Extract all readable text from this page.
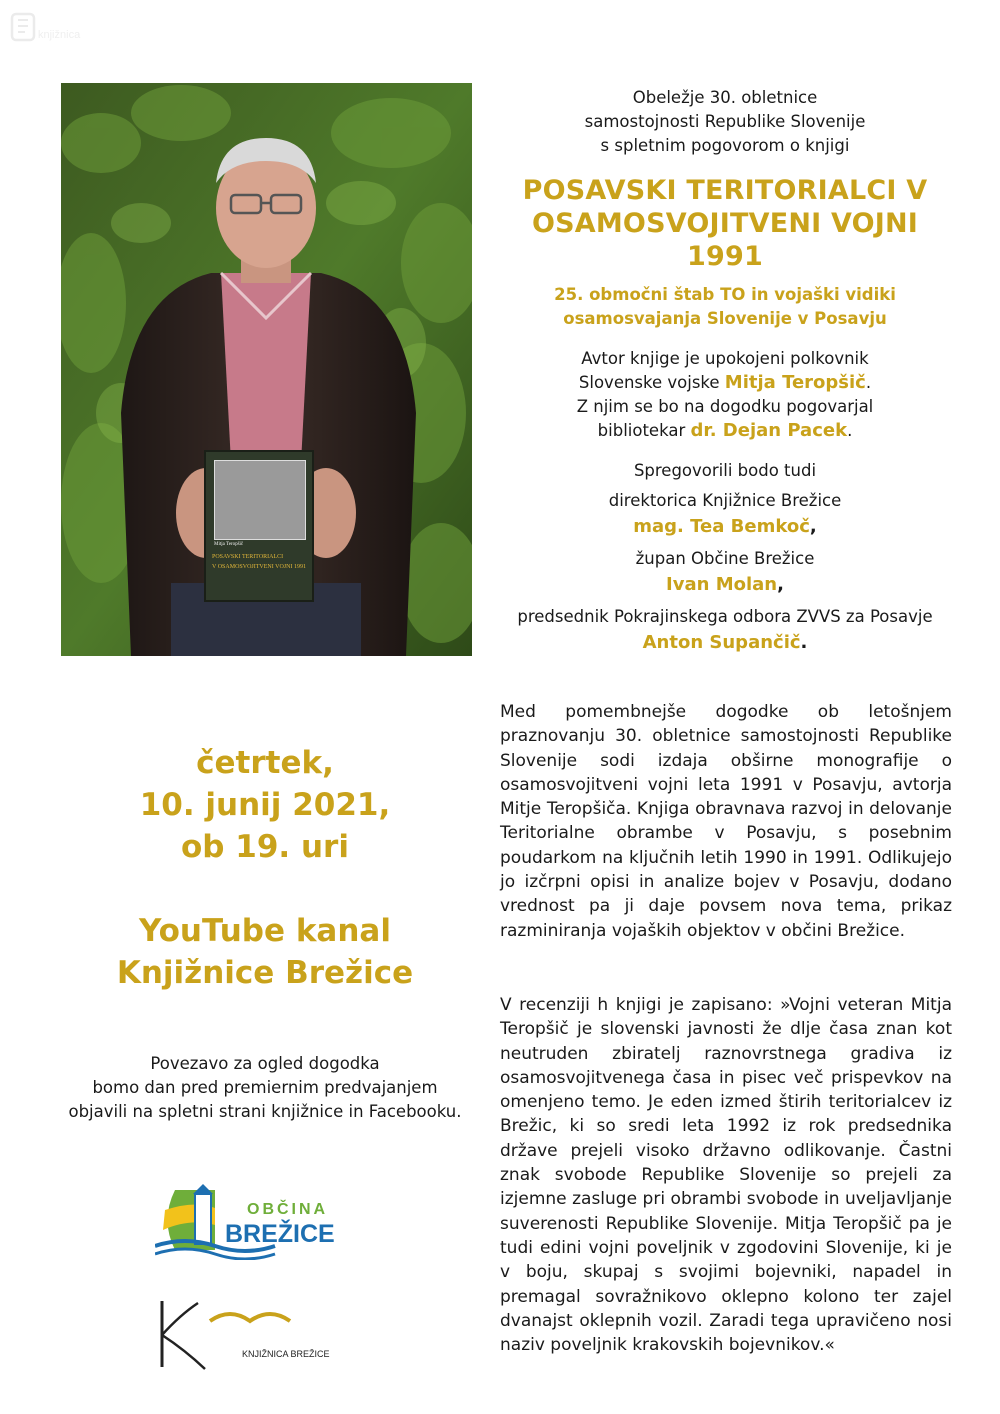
knjižnica
Mitja Teropšič
POSAVSKI TERITORIALCI
V OSAMOSVOJITVENI VOJNI 1991
Obeležje 30. obletnice
samostojnosti Republike Slovenije
s spletnim pogovorom o knjigi
POSAVSKI TERITORIALCI V
OSAMOSVOJITVENI VOJNI 1991
25. območni štab TO in vojaški vidiki
osamosvajanja Slovenije v Posavju
Avtor knjige je upokojeni polkovnik
Slovenske vojske Mitja Teropšič.
Z njim se bo na dogodku pogovarjal
bibliotekar dr. Dejan Pacek.
Spregovorili bodo tudi
direktorica Knjižnice Brežice
mag. Tea Bemkoč,
župan Občine Brežice
Ivan Molan,
predsednik Pokrajinskega odbora ZVVS za Posavje
Anton Supančič.
četrtek,
10. junij 2021,
ob 19. uri
YouTube kanal
Knjižnice Brežice
Povezavo za ogled dogodka
bomo dan pred premiernim predvajanjem
objavili na spletni strani knjižnice in Facebooku.
OBČINA
BREŽICE
KNJIŽNICA BREŽICE
Med pomembnejše dogodke ob letošnjem praznovanju 30. obletnice samostojnosti Republike Slovenije sodi izdaja obširne monografije o osamosvojitveni vojni leta 1991 v Posavju, avtorja Mitje Teropšiča. Knjiga obravnava razvoj in delovanje Teritorialne obrambe v Posavju, s posebnim poudarkom na ključnih letih 1990 in 1991. Odlikujejo jo izčrpni opisi in analize bojev v Posavju, dodano vrednost pa ji daje povsem nova tema, prikaz razminiranja vojaških objektov v občini Brežice.
V recenziji h knjigi je zapisano: »Vojni veteran Mitja Teropšič je slovenski javnosti že dlje časa znan kot neutruden zbiratelj raznovrstnega gradiva iz osamosvojitvenega časa in pisec več prispevkov na omenjeno temo. Je eden izmed štirih teritorialcev iz Brežic, ki so sredi leta 1992 iz rok predsednika države prejeli visoko državno odlikovanje. Častni znak svobode Republike Slovenije so prejeli za izjemne zasluge pri obrambi svobode in uveljavljanje suverenosti Republike Slovenije. Mitja Teropšič pa je tudi edini vojni poveljnik v zgodovini Slovenije, ki je v boju, skupaj s svojimi bojevniki, napadel in premagal sovražnikovo oklepno kolono ter zajel dvanajst oklepnih vozil. Zaradi tega upravičeno nosi naziv poveljnik krakovskih bojevnikov.«
